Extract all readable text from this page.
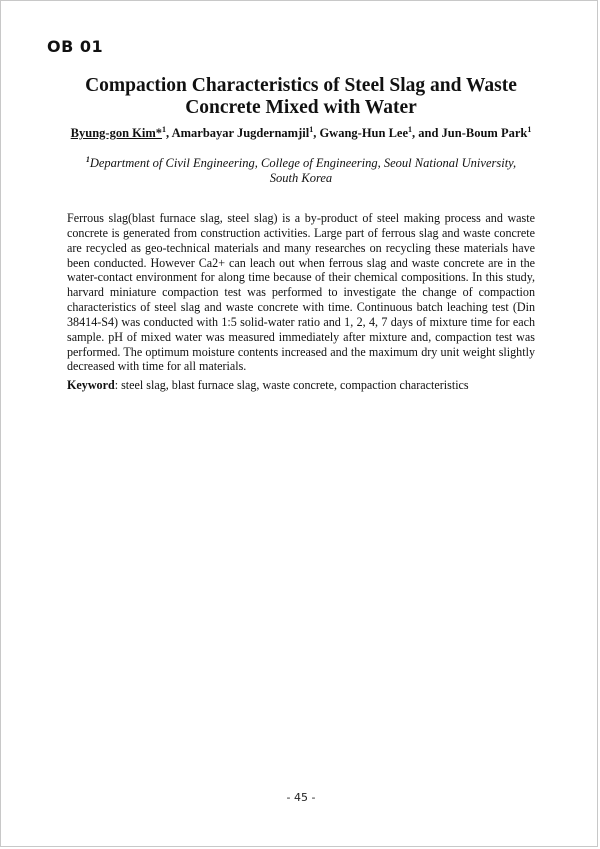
OB 01
Compaction Characteristics of Steel Slag and Waste
Concrete Mixed with Water
Byung-gon Kim*$^1$, Amarbayar Jugdernamjil$^1$, Gwang-Hun Lee$^1$, and Jun-Boum Park$^1$
$^1$Department of Civil Engineering, College of Engineering, Seoul National University, South Korea

Ferrous slag(blast furnace slag, steel slag) is a by-product of steel making process and waste concrete is generated from construction activities. Large part of ferrous slag and waste concrete are recycled as geo-technical materials and many researches on recycling these materials have been conducted. However Ca2+ can leach out when ferrous slag and waste concrete are in the water-contact environment for along time because of their chemical compositions. In this study, harvard miniature compaction test was performed to investigate the change of compaction characteristics of steel slag and waste concrete with time. Continuous batch leaching test (Din 38414-S4) was conducted with 1:5 solid-water ratio and 1, 2, 4, 7 days of mixture time for each sample. pH of mixed water was measured immediately after mixture and, compaction test was performed. The optimum moisture contents increased and the maximum dry unit weight slightly decreased with time for all materials.

Keyword: steel slag, blast furnace slag, waste concrete, compaction characteristics

- 45 -
